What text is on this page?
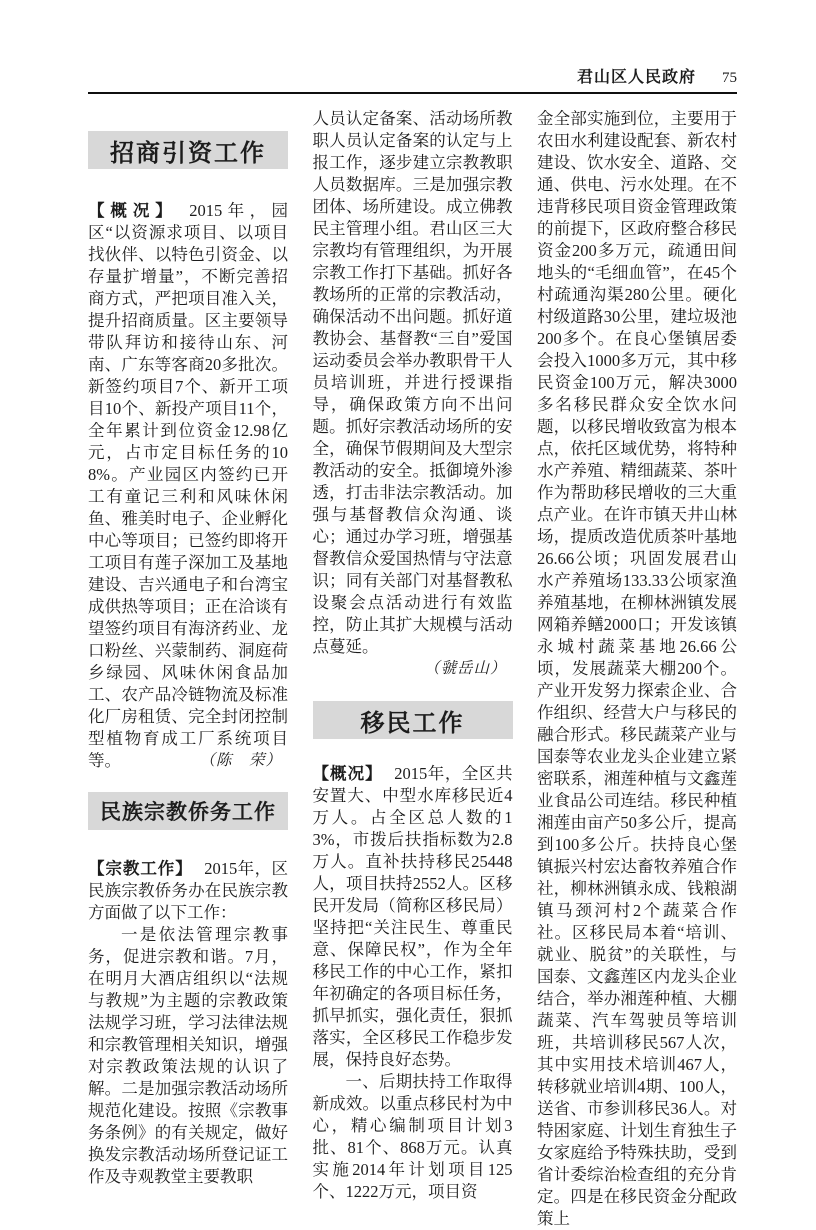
君山区人民政府 75
招商引资工作
【概况】 2015年，园区“以资源求项目、以项目找伙伴、以特色引资金、以存量扩增量”，不断完善招商方式，严把项目准入关，提升招商质量。区主要领导带队拜访和接待山东、河南、广东等客商20多批次。新签约项目7个、新开工项目10个、新投产项目11个，全年累计到位资金12.98亿元，占市定目标任务的108%。产业园区内签约已开工有童记三利和风味休闲鱼、雅美时电子、企业孵化中心等项目；已签约即将开工项目有莲子深加工及基地建设、吉兴通电子和台湾宝成供热等项目；正在洽谈有望签约项目有海济药业、龙口粉丝、兴蒙制药、洞庭荷乡绿园、风味休闲食品加工、农产品冷链物流及标准化厂房租赁、完全封闭控制型植物育成工厂系统项目等。	（陈　荣）
民族宗教侨务工作
【宗教工作】 2015年，区民族宗教侨务办在民族宗教方面做了以下工作：
一是依法管理宗教事务，促进宗教和谐。7月，在明月大酒店组织以“法规与教规”为主题的宗教政策法规学习班，学习法律法规和宗教管理相关知识，增强对宗教政策法规的认识了解。二是加强宗教活动场所规范化建设。按照《宗教事务条例》的有关规定，做好换发宗教活动场所登记证工作及寺观教堂主要教职
人员认定备案、活动场所教职人员认定备案的认定与上报工作，逐步建立宗教教职人员数据库。三是加强宗教团体、场所建设。成立佛教民主管理小组。君山区三大宗教均有管理组织，为开展宗教工作打下基础。抓好各教场所的正常的宗教活动，确保活动不出问题。抓好道教协会、基督教“三自”爱国运动委员会举办教职骨干人员培训班，并进行授课指导，确保政策方向不出问题。抓好宗教活动场所的安全，确保节假期间及大型宗教活动的安全。抵御境外渗透，打击非法宗教活动。加强与基督教信众沟通、谈心；通过办学习班，增强基督教信众爱国热情与守法意识；同有关部门对基督教私设聚会点活动进行有效监控，防止其扩大规模与活动点蔓延。
（虢岳山）
移民工作
【概况】 2015年，全区共安置大、中型水库移民近4万人。占全区总人数的13%，市拨后扶指标数为2.8万人。直补扶持移民25448人，项目扶持2552人。区移民开发局（简称区移民局）坚持把“关注民生、尊重民意、保障民权”，作为全年移民工作的中心工作，紧扣年初确定的各项目标任务，抓早抓实，强化责任，狠抓落实，全区移民工作稳步发展，保持良好态势。
一、后期扶持工作取得新成效。以重点移民村为中心，精心编制项目计划3批、81个、868万元。认真实施2014年计划项目125个、1222万元，项目资
金全部实施到位，主要用于农田水利建设配套、新农村建设、饮水安全、道路、交通、供电、污水处理。在不违背移民项目资金管理政策的前提下，区政府整合移民资金200多万元，疏通田间地头的“毛细血管”，在45个村疏通沟渠280公里。硬化村级道路30公里，建垃圾池200多个。在良心堡镇居委会投入1000多万元，其中移民资金100万元，解决3000多名移民群众安全饮水问题，以移民增收致富为根本点，依托区域优势，将特种水产养殖、精细蔬菜、茶叶作为帮助移民增收的三大重点产业。在许市镇天井山林场，提质改造优质茶叶基地26.66公顷；巩固发展君山水产养殖场133.33公顷家渔养殖基地，在柳林洲镇发展网箱养鳝2000口；开发该镇永城村蔬菜基地26.66公顷，发展蔬菜大棚200个。产业开发努力探索企业、合作组织、经营大户与移民的融合形式。移民蔬菜产业与国泰等农业龙头企业建立紧密联系，湘莲种植与文鑫莲业食品公司连结。移民种植湘莲由亩产50多公斤，提高到100多公斤。扶持良心堡镇振兴村宏达畜牧养殖合作社，柳林洲镇永成、钱粮湖镇马颈河村2个蔬菜合作社。区移民局本着“培训、就业、脱贫”的关联性，与国泰、文鑫莲区内龙头企业结合，举办湘莲种植、大棚蔬菜、汽车驾驶员等培训班，共培训移民567人次，其中实用技术培训467人，转移就业培训4期、100人，送省、市参训移民36人。对特困家庭、计划生育独生子女家庭给予特殊扶助，受到省计委综治检查组的充分肯定。四是在移民资金分配政策上
